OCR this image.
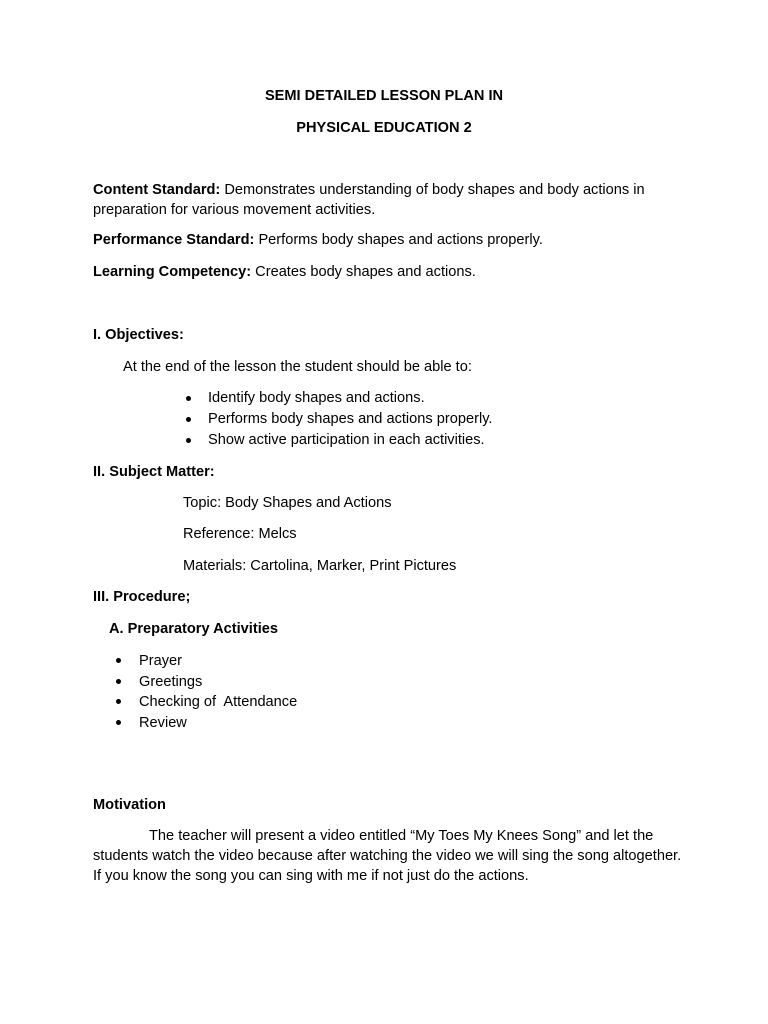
SEMI DETAILED LESSON PLAN IN
PHYSICAL EDUCATION 2
Content Standard: Demonstrates understanding of body shapes and body actions in preparation for various movement activities.
Performance Standard: Performs body shapes and actions properly.
Learning Competency: Creates body shapes and actions.
I. Objectives:
At the end of the lesson the student should be able to:
Identify body shapes and actions.
Performs body shapes and actions properly.
Show active participation in each activities.
II. Subject Matter:
Topic: Body Shapes and Actions
Reference: Melcs
Materials: Cartolina, Marker, Print Pictures
III. Procedure;
A. Preparatory Activities
Prayer
Greetings
Checking of  Attendance
Review
Motivation
The teacher will present a video entitled “My Toes My Knees Song” and let the students watch the video because after watching the video we will sing the song altogether. If you know the song you can sing with me if not just do the actions.
